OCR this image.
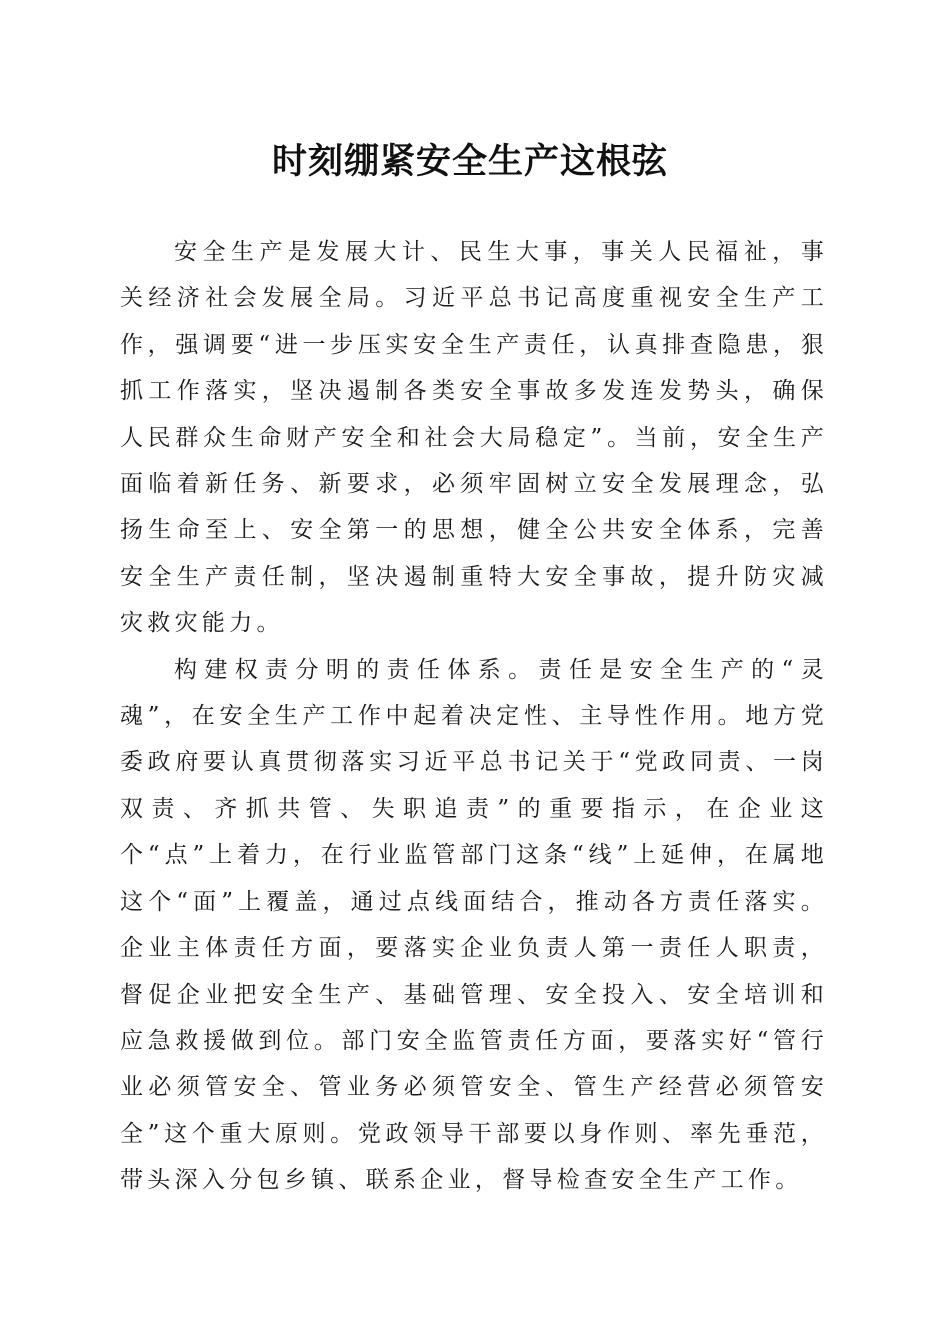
时刻绷紧安全生产这根弦

安全生产是发展大计、民生大事，事关人民福祉，事关经济社会发展全局。习近平总书记高度重视安全生产工作，强调要“进一步压实安全生产责任，认真排查隐患，狠抓工作落实，坚决遏制各类安全事故多发连发势头，确保人民群众生命财产安全和社会大局稳定”。当前，安全生产面临着新任务、新要求，必须牢固树立安全发展理念，弘扬生命至上、安全第一的思想，健全公共安全体系，完善安全生产责任制，坚决遏制重特大安全事故，提升防灾减灾救灾能力。

构建权责分明的责任体系。责任是安全生产的“灵魂”，在安全生产工作中起着决定性、主导性作用。地方党委政府要认真贯彻落实习近平总书记关于“党政同责、一岗双责、齐抓共管、失职追责”的重要指示，在企业这个“点”上着力，在行业监管部门这条“线”上延伸，在属地这个“面”上覆盖，通过点线面结合，推动各方责任落实。企业主体责任方面，要落实企业负责人第一责任人职责，督促企业把安全生产、基础管理、安全投入、安全培训和应急救援做到位。部门安全监管责任方面，要落实好“管行业必须管安全、管业务必须管安全、管生产经营必须管安全”这个重大原则。党政领导干部要以身作则、率先垂范，带头深入分包乡镇、联系企业，督导检查安全生产工作。
